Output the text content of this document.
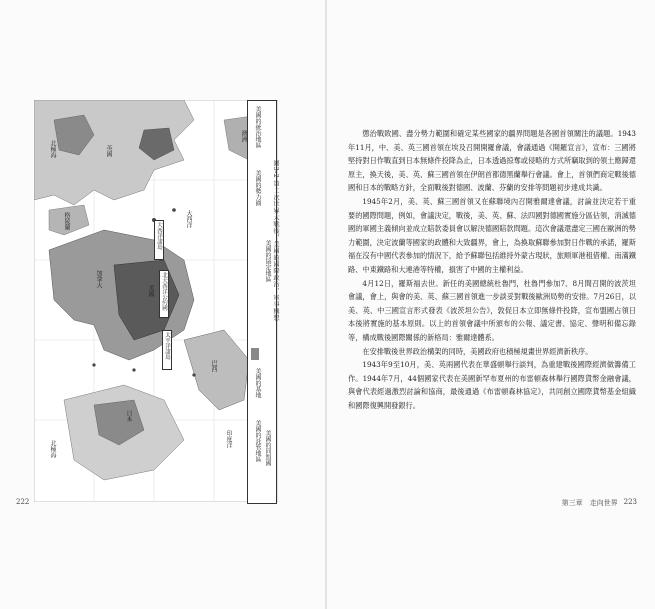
北極海
北極海
大西洋
印度洋
加拿大
美國
格陵蘭
英國
日本
巴西
澳洲
大西洋諸島
太平洋諸島
北大西洋公約國
美國的統治地區
美國的勢力圈
美國的基地
美國的託管地區
美國的協定地區
美國的同盟國
圖3-2 第二次世界大戰後，美國的國際政治、軍事構想
222

懲治戰敗國、盡分勢力範圍和確定某些國家的疆界問題是各國首領關注的議題。1943年11月，中、美、英三國首領在埃及召開開羅會議，會議通過《開羅宣言》，宣布：三國將堅持對日作戰直到日本無條件投降為止，日本透過掠奪或侵略的方式所竊取到的領土應歸還原主，換天後，美、英、蘇三國首領在伊朗首都德黑蘭舉行會議。會上，首領們商定戰後德國和日本的戰略方針，全面戰後對德國、波蘭、芬蘭的安排等問題初步達成共識。

1945年2月，美、英、蘇三國首領又在蘇聯境內召開雅爾達會議，討論並決定若干重要的國際問題，例如，會議決定，戰後，美、英、蘇、法四國對德國實施分區佔領，消滅德國的軍國主義傾向並成立賠款委員會以解決德國賠款問題。這次會議還盡定三國在歐洲的勢力範圍，決定波蘭等國家的政體和大致疆界，會上，為換取蘇聯參加對日作戰的承諾，羅斯福在沒有中國代表參加的情況下，給予蘇聯包括維持外蒙古現狀，旅順軍港租借權、南滿鐵路、中東鐵路和大連港等特權，損害了中國的主權利益。

4月12日，羅斯福去世。新任的美國總統杜魯門，杜魯門參加7、8月間召開的波茨坦會議，會上，與會的美、英、蘇三國首領進一步談妥對戰後歐洲局勢的安排。7月26日，以美、英、中三國宣言形式發表《波茨坦公告》，敦促日本立即無條件投降，宣布盟國占領日本後將實施的基本原則。以上的首領會議中所頒布的公報、議定書、協定、聲明和備忘錄等，構成戰後國際關係的新格局：雅爾達體系。

在安排戰後世界政治構架的同時，美國政府也積極規畫世界經濟新秩序。

1943年9至10月，美、英兩國代表在華盛頓舉行談判，為重建戰後國際經濟做籌備工作。1944年7月，44個國家代表在美國新罕布夏州的布雷頓森林舉行國際貨幣金融會議，與會代表經過激烈討論和協商，最後通過《布雷頓森林協定》，共同創立國際貨幣基金組織和國際復興開發銀行。

第三章　走向世界 223
